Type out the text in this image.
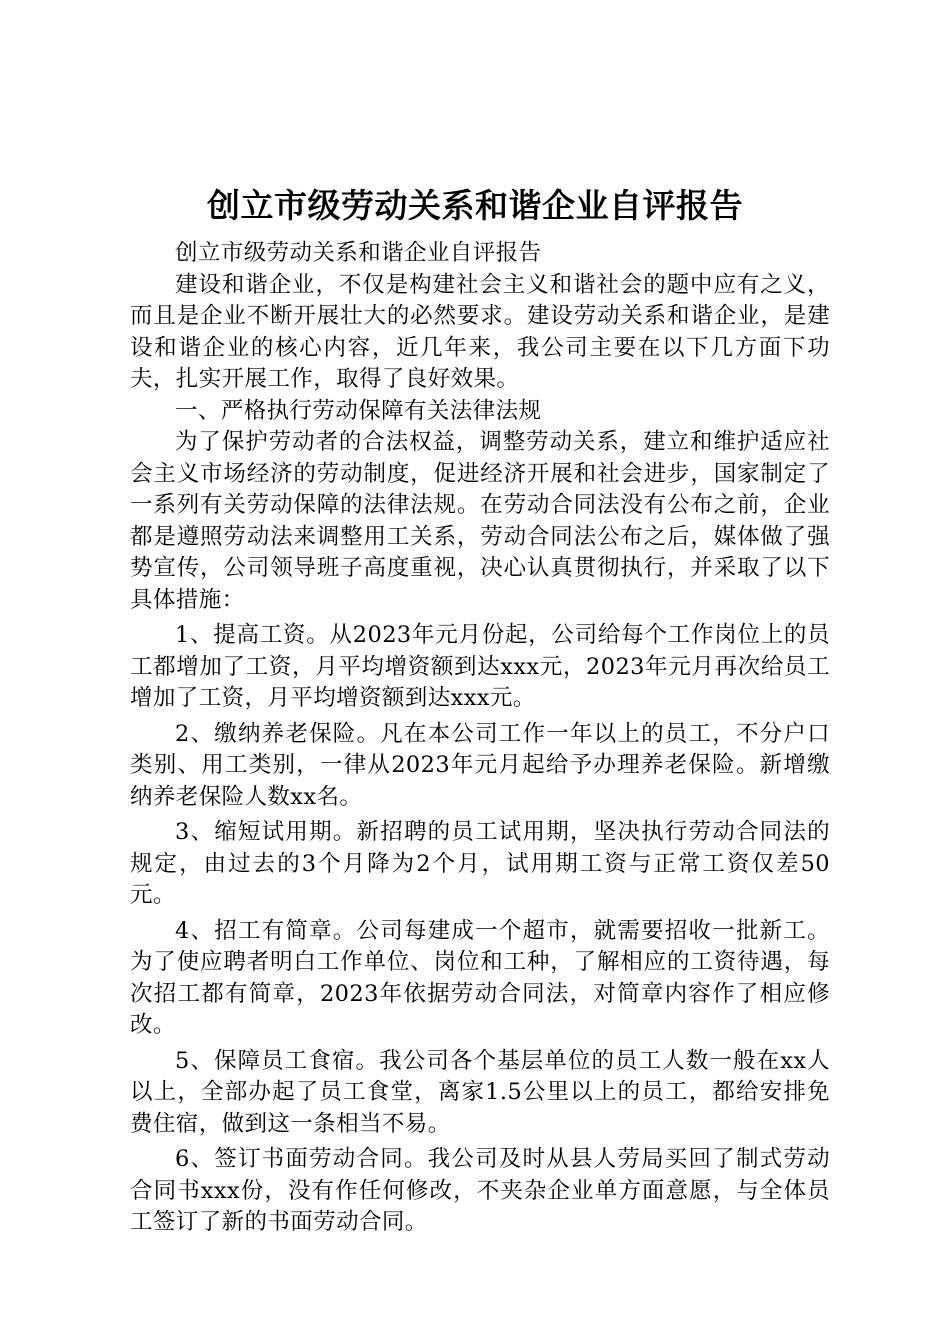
创立市级劳动关系和谐企业自评报告

创立市级劳动关系和谐企业自评报告

建设和谐企业，不仅是构建社会主义和谐社会的题中应有之义，而且是企业不断开展壮大的必然要求。建设劳动关系和谐企业，是建设和谐企业的核心内容，近几年来，我公司主要在以下几方面下功夫，扎实开展工作，取得了良好效果。

一、严格执行劳动保障有关法律法规

为了保护劳动者的合法权益，调整劳动关系，建立和维护适应社会主义市场经济的劳动制度，促进经济开展和社会进步，国家制定了一系列有关劳动保障的法律法规。在劳动合同法没有公布之前，企业都是遵照劳动法来调整用工关系，劳动合同法公布之后，媒体做了强势宣传，公司领导班子高度重视，决心认真贯彻执行，并采取了以下具体措施：

1、提高工资。从2023年元月份起，公司给每个工作岗位上的员工都增加了工资，月平均增资额到达xxx元，2023年元月再次给员工增加了工资，月平均增资额到达xxx元。

2、缴纳养老保险。凡在本公司工作一年以上的员工，不分户口类别、用工类别，一律从2023年元月起给予办理养老保险。新增缴纳养老保险人数xx名。

3、缩短试用期。新招聘的员工试用期，坚决执行劳动合同法的规定，由过去的3个月降为2个月，试用期工资与正常工资仅差50元。

4、招工有简章。公司每建成一个超市，就需要招收一批新工。为了使应聘者明白工作单位、岗位和工种，了解相应的工资待遇，每次招工都有简章，2023年依据劳动合同法，对简章内容作了相应修改。

5、保障员工食宿。我公司各个基层单位的员工人数一般在xx人以上，全部办起了员工食堂，离家1.5公里以上的员工，都给安排免费住宿，做到这一条相当不易。

6、签订书面劳动合同。我公司及时从县人劳局买回了制式劳动合同书xxx份，没有作任何修改，不夹杂企业单方面意愿，与全体员工签订了新的书面劳动合同。
